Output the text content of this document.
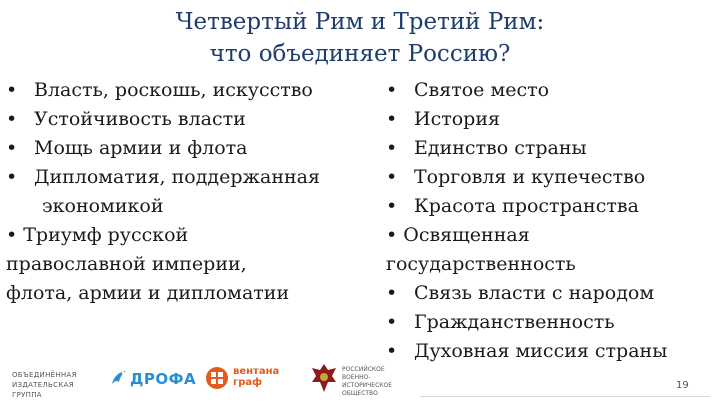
Четвертый Рим и Третий Рим:
что объединяет Россию?
• Власть, роскошь, искусство
• Устойчивость власти
• Мощь армии и флота
• Дипломатия, поддержанная
экономикой
• Триумф русской
православной империи,
флота, армии и дипломатии
• Святое место
• История
• Единство страны
• Торговля и купечество
• Красота пространства
• Освященная
государственность
• Связь власти с народом
• Гражданственность
• Духовная миссия страны
ОБЪЕДИНЁННАЯ
ИЗДАТЕЛЬСКАЯ ГРУППА
ДРОФА	вентана
граф
РОССИЙСКОЕ
ВОЕННО-ИСТОРИЧЕСКОЕ
ОБЩЕСТВО
19
